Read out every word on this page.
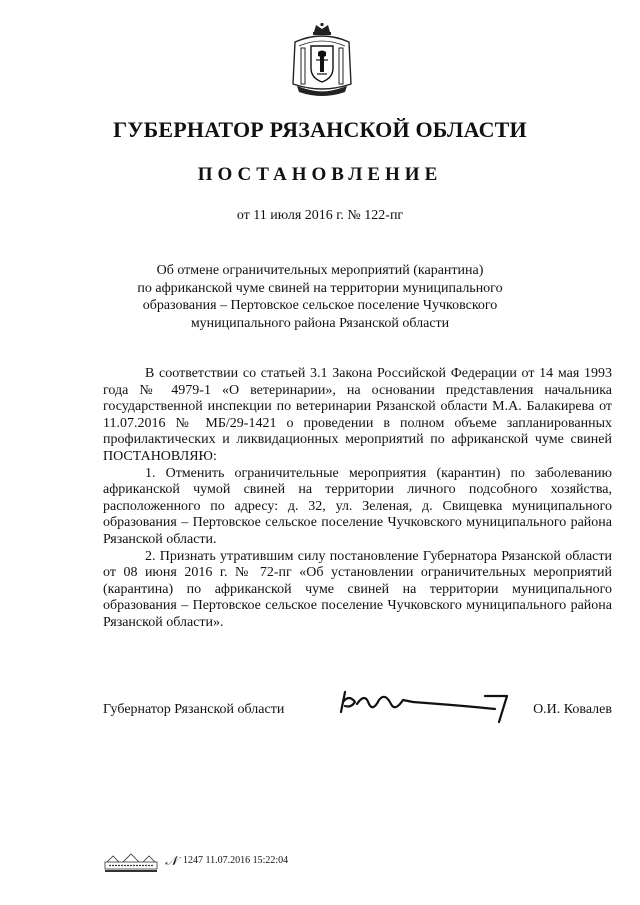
ГУБЕРНАТОР РЯЗАНСКОЙ ОБЛАСТИ
ПОСТАНОВЛЕНИЕ
от 11 июля 2016 г. № 122-пг
Об отмене ограничительных мероприятий (карантина)
по африканской чуме свиней на территории муниципального
образования – Пертовское сельское поселение Чучковского
муниципального района Рязанской области

В соответствии со статьей 3.1 Закона Российской Федерации от 14 мая 1993 года № 4979-1 «О ветеринарии», на основании представления начальника государственной инспекции по ветеринарии Рязанской области М.А. Балакирева от 11.07.2016 № МБ/29-1421 о проведении в полном объеме запланированных профилактических и ликвидационных мероприятий по африканской чуме свиней ПОСТАНОВЛЯЮ:

1. Отменить ограничительные мероприятия (карантин) по заболеванию африканской чумой свиней на территории личного подсобного хозяйства, расположенного по адресу: д. 32, ул. Зеленая, д. Свищевка муниципального образования – Пертовское сельское поселение Чучковского муниципального района Рязанской области.

2. Признать утратившим силу постановление Губернатора Рязанской области от 08 июня 2016 г. № 72-пг «Об установлении ограничительных мероприятий (карантина) по африканской чуме свиней на территории муниципального образования – Пертовское сельское поселение Чучковского муниципального района Рязанской области».

Губернатор Рязанской области	О.И. Ковалев
𝒩 1247 11.07.2016 15:22:04
